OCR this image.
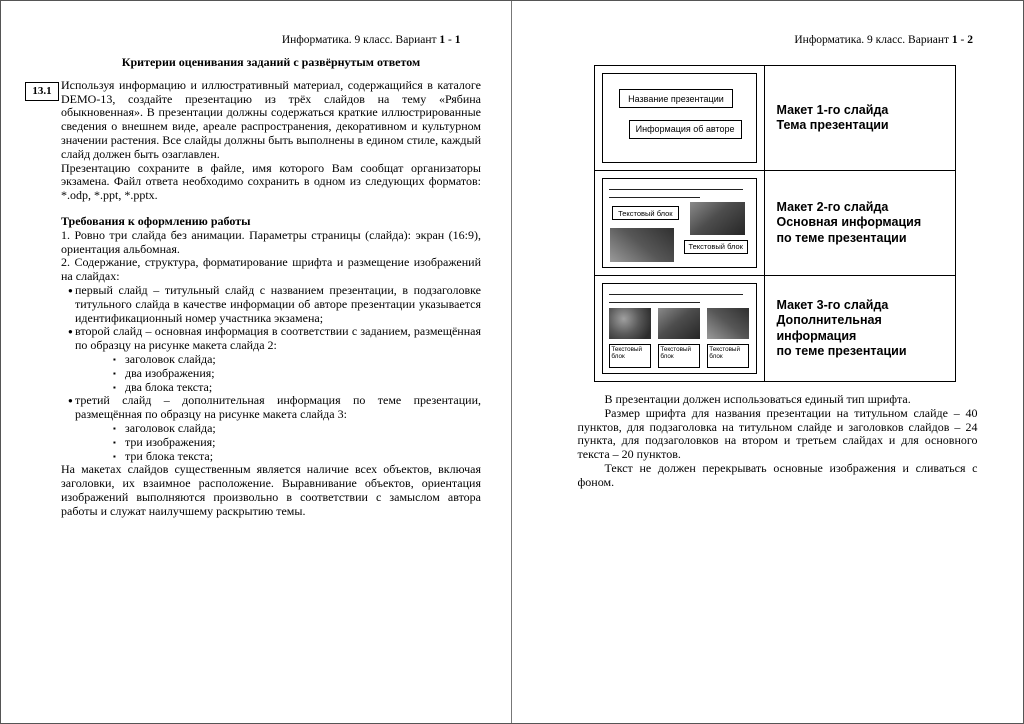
Информатика. 9 класс. Вариант 1 - 1
13.1
Критерии оценивания заданий с развёрнутым ответом

Используя информацию и иллюстративный материал, содержащийся в каталоге DEMO-13, создайте презентацию из трёх слайдов на тему «Рябина обыкновенная». В презентации должны содержаться краткие иллюстрированные сведения о внешнем виде, ареале распространения, декоративном и культурном значении растения. Все слайды должны быть выполнены в едином стиле, каждый слайд должен быть озаглавлен.

Презентацию сохраните в файле, имя которого Вам сообщат организаторы экзамена. Файл ответа необходимо сохранить в одном из следующих форматов: *.odp, *.ppt, *.pptx.

Требования к оформлению работы

1. Ровно три слайда без анимации. Параметры страницы (слайда): экран (16:9), ориентация альбомная.

2. Содержание, структура, форматирование шрифта и размещение изображений на слайдах:

● первый слайд – титульный слайд с названием презентации, в подзаголовке титульного слайда в качестве информации об авторе презентации указывается идентификационный номер участника экзамена;
● второй слайд – основная информация в соответствии с заданием, размещённая по образцу на рисунке макета слайда 2:
▪ заголовок слайда;
▪ два изображения;
▪ два блока текста;
● третий слайд – дополнительная информация по теме презентации, размещённая по образцу на рисунке макета слайда 3:
▪ заголовок слайда;
▪ три изображения;
▪ три блока текста;

На макетах слайдов существенным является наличие всех объектов, включая заголовки, их взаимное расположение. Выравнивание объектов, ориентация изображений выполняются произвольно в соответствии с замыслом автора работы и служат наилучшему раскрытию темы.

Информатика. 9 класс. Вариант 1 - 2
Название презентации
Информация об авторе
Макет 1-го слайда
Тема презентации
Текстовый блок
Текстовый блок
Макет 2-го слайда
Основная информация
по теме презентации
Текстовый блок
Текстовый блок
Текстовый блок
Макет 3-го слайда
Дополнительная
информация
по теме презентации

В презентации должен использоваться единый тип шрифта.

Размер шрифта для названия презентации на титульном слайде – 40 пунктов, для подзаголовка на титульном слайде и заголовков слайдов – 24 пункта, для подзаголовков на втором и третьем слайдах и для основного текста – 20 пунктов.

Текст не должен перекрывать основные изображения и сливаться с фоном.
